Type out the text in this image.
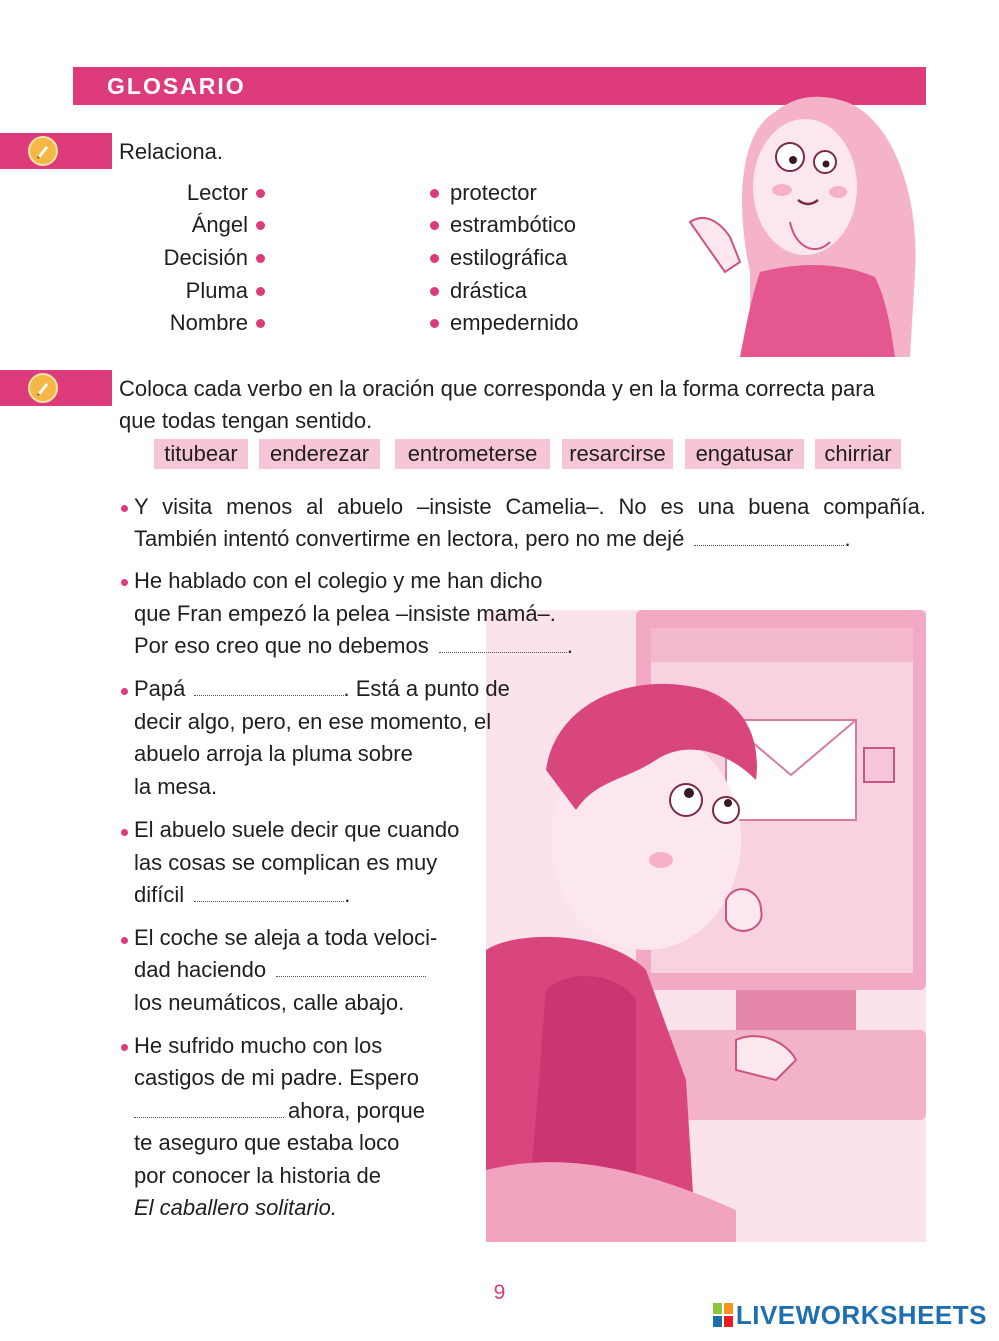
GLOSARIO
1. Relaciona.
Lector
Ángel
Decisión
Pluma
Nombre
protector
estrambótico
estilográfica
drástica
empedernido
2. Coloca cada verbo en la oración que corresponda y en la forma correcta para
que todas tengan sentido.
titubear	enderezar	entrometerse	resarcirse	engatusar	chirriar
Y visita menos al abuelo –insiste Camelia–. No es una buena compañía.
También intentó convertirme en lectora, pero no me dejé	.
He hablado con el colegio y me han dicho
que Fran empezó la pelea –insiste mamá–.
Por eso creo que no debemos	.
Papá	. Está a punto de
decir algo, pero, en ese momento, el
abuelo arroja la pluma sobre
la mesa.
El abuelo suele decir que cuando
las cosas se complican es muy
difícil	.
El coche se aleja a toda veloci-
dad haciendo
los neumáticos, calle abajo.
He sufrido mucho con los
castigos de mi padre. Espero
ahora, porque
te aseguro que estaba loco
por conocer la historia de
El caballero solitario.
9
LIVEWORKSHEETS
